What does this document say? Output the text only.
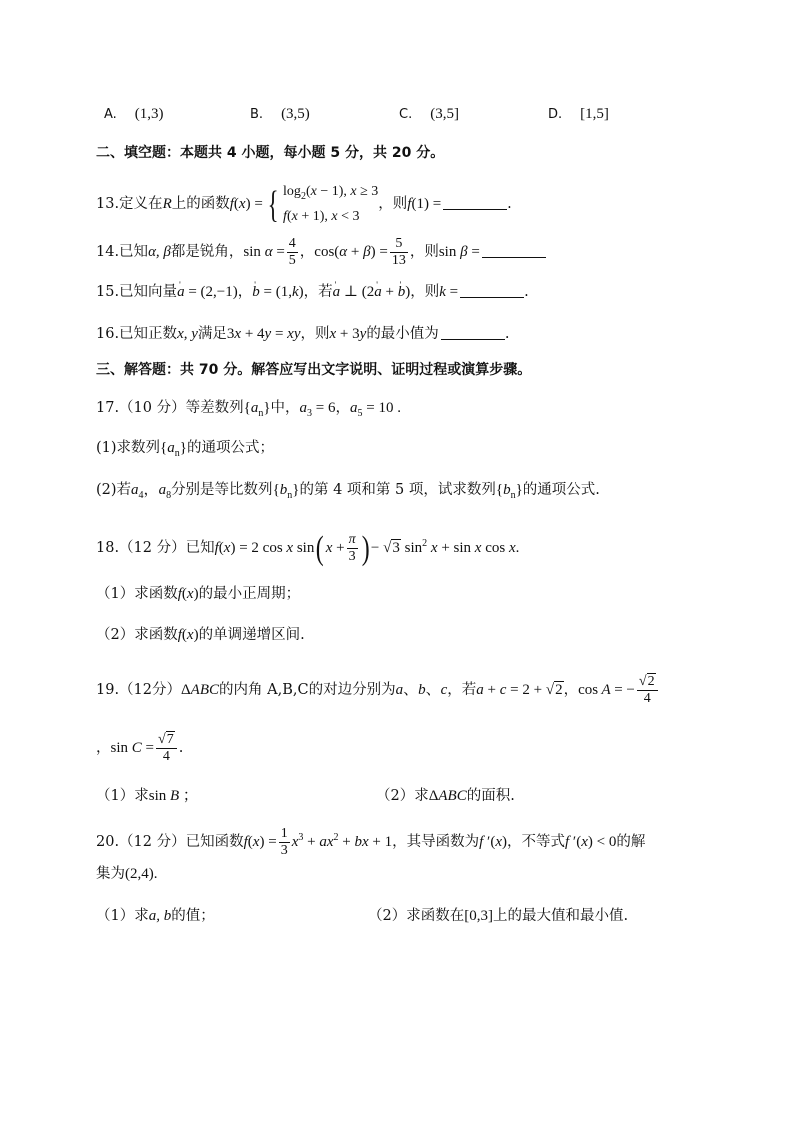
A. (1,3)	B. (3,5)	C. (3,5]	D. [1,5]
二、填空题：本题共 4 小题，每小题 5 分，共 20 分。
13.定义在R上的函数f(x) = { $\log_2(x - 1)$, x ≥ 3
f(x + 1), x < 3
，则f(1) =	.
14.已知α, β都是锐角，$\sin \alpha = \frac{4}{5}$ ，$\cos(\alpha + \beta) = \frac{5}{13}$ ，则sin β =
15.已知向量' a = (2,−1)，' b = (1,k)，若' a ⊥ (2' a + ' b)，则k =	.
16.已知正数x, y满足3x + 4y = xy，则x + 3y的最小值为	.
三、解答题：共 70 分。解答应写出文字说明、证明过程或演算步骤。
17.（10 分）等差数列$\{a_n\}$中，$a_3 = 6$，$a_5 = 10$ .
(1)求数列$\{a_n\}$的通项公式；
(2)若$a_4$，$a_8$分别是等比数列$\{b_n\}$的第 4 项和第 5 项，试求数列$\{b_n\}$的通项公式.
18.（12 分）已知f(x) = 2 cos x sin( $x + \frac{\pi}{3}$ ) − √3 $\sin^2 x + \sin x$ cos x.
（1）求函数f(x)的最小正周期；
（2）求函数f(x)的单调递增区间.
19.（12分）ΔABC的内角 A,B,C的对边分别为a、b、c，若a + c = 2 + √2，cos A = − $\frac{√2}{4}$
，$\sin C = \frac{√7}{4}$ .
（1）求sin B ；	（2）求ΔABC的面积.
20.（12 分）已知函数$f(x) = \frac{1}{3} x^3 + ax^2$ + bx + 1，其导函数为f ′(x)，不等式f ′(x) < 0的解
集为(2,4).
（1）求a, b的值；	（2）求函数在[0,3]上的最大值和最小值.
